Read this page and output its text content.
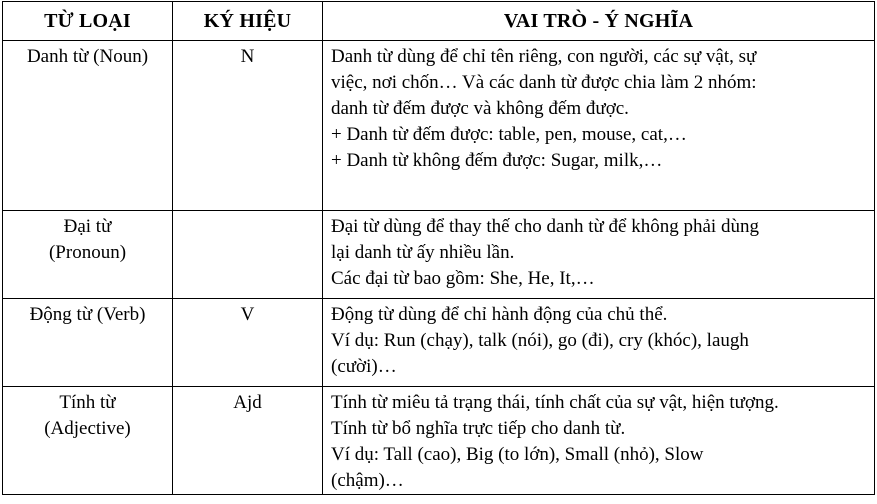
TỪ LOẠI	KÝ HIỆU	VAI TRÒ - Ý NGHĨA

Danh từ (Noun)	N	Danh từ dùng để chỉ tên riêng, con người, các sự vật, sự
việc, nơi chốn… Và các danh từ được chia làm 2 nhóm:
danh từ đếm được và không đếm được.
+ Danh từ đếm được: table, pen, mouse, cat,…
+ Danh từ không đếm được: Sugar, milk,…

Đại từ
(Pronoun)		Đại từ dùng để thay thế cho danh từ để không phải dùng
lại danh từ ấy nhiều lần.
Các đại từ bao gồm: She, He, It,…

Động từ (Verb)	V	Động từ dùng để chỉ hành động của chủ thể.
Ví dụ: Run (chạy), talk (nói), go (đi), cry (khóc), laugh
(cười)…

Tính từ
(Adjective)	Ajd	Tính từ miêu tả trạng thái, tính chất của sự vật, hiện tượng.
Tính từ bổ nghĩa trực tiếp cho danh từ.
Ví dụ: Tall (cao), Big (to lớn), Small (nhỏ), Slow
(chậm)…
